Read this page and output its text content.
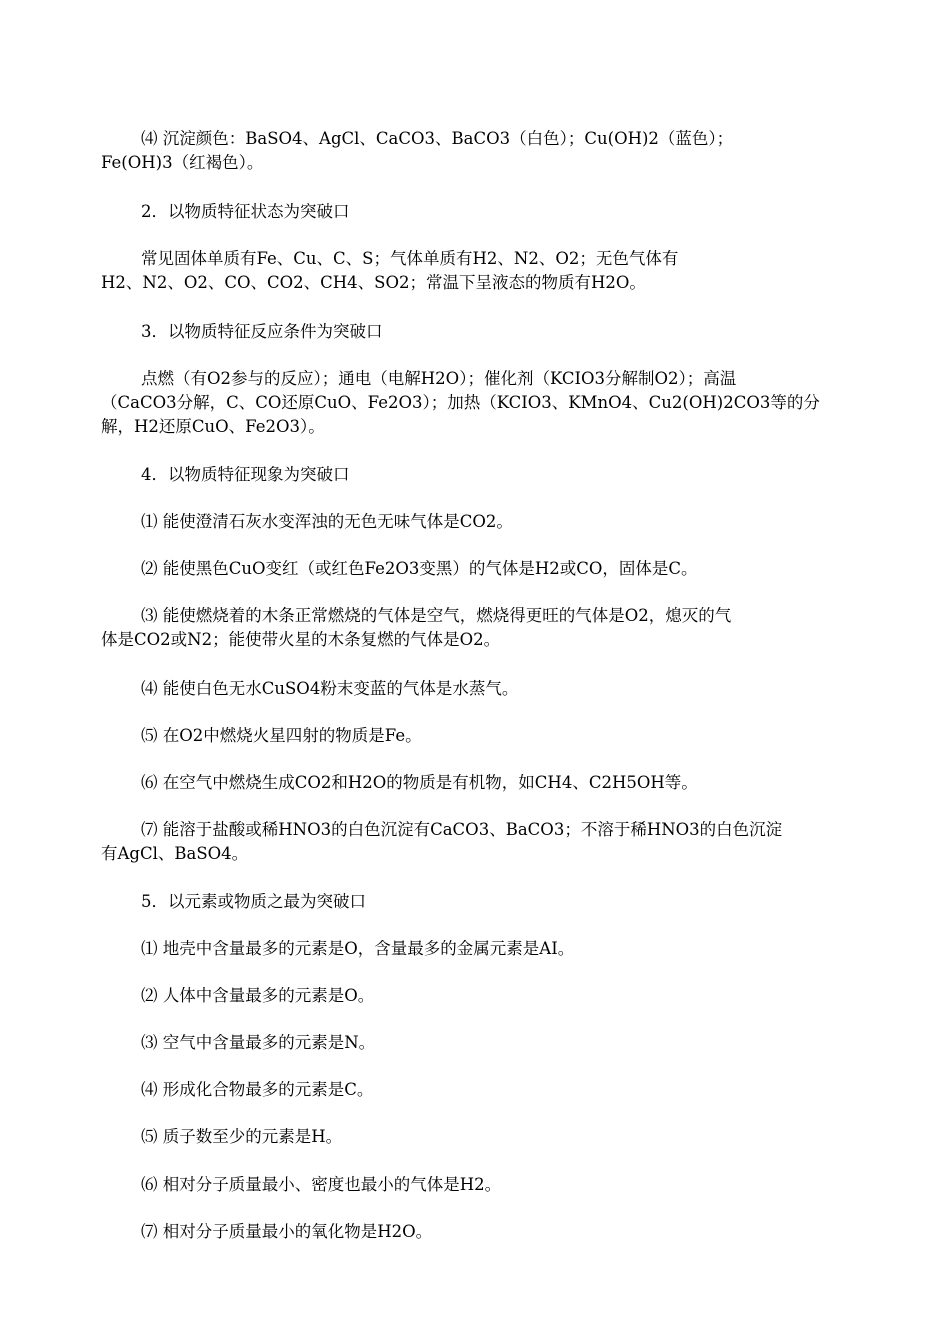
⑷ 沉淀颜色：BaSO4、AgCl、CaCO3、BaCO3（白色）；Cu(OH)2（蓝色）；
Fe(OH)3（红褐色）。

2．以物质特征状态为突破口

常见固体单质有Fe、Cu、C、S；气体单质有H2、N2、O2；无色气体有
H2、N2、O2、CO、CO2、CH4、SO2；常温下呈液态的物质有H2O。

3．以物质特征反应条件为突破口

点燃（有O2参与的反应）；通电（电解H2O）；催化剂（KCIO3分解制O2）；高温
（CaCO3分解，C、CO还原CuO、Fe2O3）；加热（KCIO3、KMnO4、Cu2(OH)2CO3等的分
解，H2还原CuO、Fe2O3）。

4．以物质特征现象为突破口

⑴ 能使澄清石灰水变浑浊的无色无味气体是CO2。

⑵ 能使黑色CuO变红（或红色Fe2O3变黑）的气体是H2或CO，固体是C。

⑶ 能使燃烧着的木条正常燃烧的气体是空气，燃烧得更旺的气体是O2，熄灭的气
体是CO2或N2；能使带火星的木条复燃的气体是O2。

⑷ 能使白色无水CuSO4粉末变蓝的气体是水蒸气。

⑸ 在O2中燃烧火星四射的物质是Fe。

⑹ 在空气中燃烧生成CO2和H2O的物质是有机物，如CH4、C2H5OH等。

⑺ 能溶于盐酸或稀HNO3的白色沉淀有CaCO3、BaCO3；不溶于稀HNO3的白色沉淀
有AgCl、BaSO4。

5．以元素或物质之最为突破口

⑴ 地壳中含量最多的元素是O，含量最多的金属元素是AI。

⑵ 人体中含量最多的元素是O。

⑶ 空气中含量最多的元素是N。

⑷ 形成化合物最多的元素是C。

⑸ 质子数至少的元素是H。

⑹ 相对分子质量最小、密度也最小的气体是H2。

⑺ 相对分子质量最小的氧化物是H2O。
